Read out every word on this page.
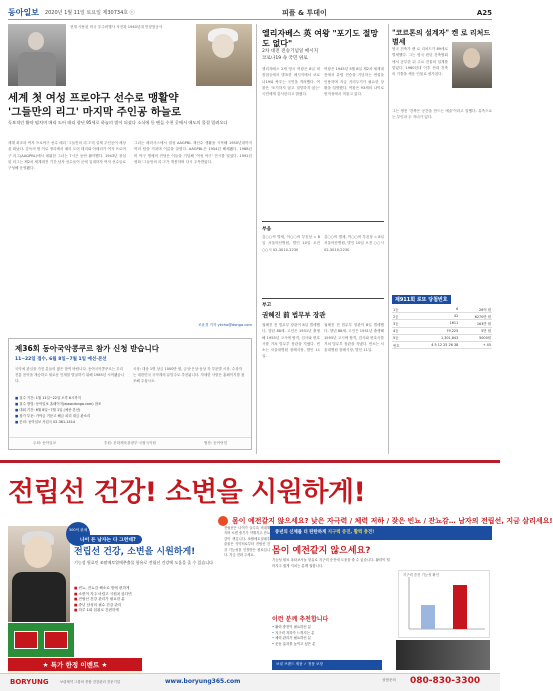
동아일보 2020년 1월 11일 토요일 제30734호 ⓒ	피플 & 투데이	A25
현재 사용된 미국 우주비행사 사진과 1940년대 민항항공사
세계 첫 여성 프로야구 선수로 맹활약
'그들만의 리그' 마지막 주인공 하늘로
독보적인 활약 펼치며 메리 도어 테리 향년 95세로 하늘의 별이 되셨다 소식에 등 팬들 수천 곳에서 애도의 물결 밀려오다
세계 최초의 여자 프로야구 선수 메리 '그들만의 리그'의 실제 주인공이 세상을 떠났다. 감독의 밤 이로 정리에서 메리 도어 테리와 아메리카 여자 프로야구 리그(AAGPBL)에서 데뷔한 그녀는 7시즌 동안 활약했다. 1943년 창설된 리그는 제2차 세계대전 기간 남자 선수들이 군에 입대하자 여자 선수들로 구성해 운영됐다.
그녀는 메리사스에서 결성 AAGPBL 재선수 생활을 시작해 1950년대까지 여러 팀을 거치며 이름을 알렸다. AAGPBL은 1954년 해체됐다. 1988년 미 야구 명예의 전당은 이들을 기념해 '여성 야구' 전시를 열었다. 1992년 영화 '그들만의 리그'가 개봉하며 다시 주목받았다.
조윤경 기자 ykcho@donga.com
제36회 동아국악콩쿠르 참가 신청 받습니다
11~22일 접수, 6월 8일~7월 1일 예선·본선
국악에 관심을 가진 분들의 많은 참여 바랍니다. 동아국악콩쿠르는 우리 전통 음악을 계승하고 새로운 인재를 발굴하기 위해 1985년 시작됐습니다.
■ 접수 기간: 1월 11일~22일 오후 6시까지
■ 접수 방법: 동아일보 홈페이지(www.donga.com) 참조
■ 대회 기간: 6월 8일~7월 1일 (예선·본선)
■ 참가 부문: 가야금 거문고 해금 피리 대금 판소리
■ 문의: 동아일보 사업국 02-361-1414
시상: 대상 1명 상금 1000만 원, 금상·은상·동상 각 부문별 시상. 수상자는 대한민국 국악계의 유망주로 추천됩니다. 자세한 사항은 홈페이지를 참조해 주십시오.
주최: 동아일보	후원: 문화체육관광부·국립국악원	협찬: 동아닷컴
엘리자베스 英 여왕 "포기도 절망도 없다"
2차 대전 전승기념일 메시지
코로나19 속 국민 위로
엘리자베스 2세 영국 여왕은 8일 버킹엄궁에서 발표한 메시지에서 코로나19와 싸우는 국민을 격려했다. 여왕은 '포기하지 않고 절망하지 않는' 국민에게 감사한다고 밝혔다.
여왕은 1945년 5월 8일 제2차 세계대전에서 유럽 전승을 기념하는 연설을 인용하며 지금 거리두기가 필요한 상황을 설명했다. 여왕은 93세의 나이로 윈저성에서 머물고 있다.
부음
김○○씨 별세, 이○○씨 부친상 = 8일 서울아산병원, 발인 10일 오전 ○○시 02-3010-2230
김○○씨 별세, 이○○씨 부친상 = 8일 서울아산병원, 발인 10일 오전 ○○시 02-3010-2230
부고
권혜진 前 법무부 장관
권혜진 전 법무부 장관이 8일 별세했다. 향년 88세. 고인은 1931년 출생해 1955년 고시에 합격, 검사와 변호사를 거쳐 법무부 장관을 지냈다. 빈소는 서울대병원 장례식장, 발인 11일.
권혜진 전 법무부 장관이 8일 별세했다. 향년 88세. 고인은 1931년 출생해 1955년 고시에 합격, 검사와 변호사를 거쳐 법무부 장관을 지냈다. 빈소는 서울대병원 장례식장, 발인 11일.
"코르톤의 설계자" 켄 로 리처드 별세
영국 건축가 켄 로 리처드가 89세로 별세했다. 그는 영국 런던 건축협회에서 공부한 뒤 주요 건물의 설계를 맡았다. 1960년대 이후 현대 건축의 기틀을 세운 인물로 평가된다.
그는 생전 '건축은 공간을 만드는 예술'이라고 말했다. 유족으로는 부인과 두 자녀가 있다.
제911회 로또 당첨번호
1등	6	26억 원
2등	42	6270만 원
3등	1611	163만 원
4등	79,225	5만 원
5등	1,301,843	5000원
번호	4 5 12 25 26 38	+ 45
전립선 건강! 소변을 시원하게!
몸이 예전같지 않으세요? 낮은 자극력 / 체력 저하 / 잦은 빈뇨 / 잔뇨감… 남자의 전립선, 지금 살리세요!
300억 판매
나이 든 남자는 다 그런데?
전립선 건강, 소변을 시원하게!
기능성 원료인 쏘팔메토열매추출물 함유로 전립선 건강에 도움을 줄 수 있습니다
■ 빈뇨, 잔뇨감 해소로 밤에 편하게
■ 소변이 자주 마렵고 시원치 않다면
■ 전립선 건강 관리가 필요한 분
■ 중년 남성의 필수 건강 관리
■ 하루 1회 섭취로 간편하게
전립선은 나이가 들수록 비대해지며 소변 줄기가 약해지고 잔뇨감이 생깁니다. 쏘팔메토열매추출물은 식약처로부터 전립선 건강 기능성을 인정받은 원료입니다. 지금 전화 주세요.
중년의 신체를 더 탄탄하게 지구력 증진, 활력 충전!
몸이 예전같지 않으세요?
기능성 원료 옥타코사놀 함유로 지구력 증진에 도움을 줄 수 있습니다. 활력이 떨어지고 쉽게 지치는 분께 권합니다.
이런 분께 추천합니다
• 활력 충전이 필요하신 분
• 지구력 저하가 느껴지는 분
• 체력 관리가 필요하신 분
• 운동 효과를 높이고 싶은 분
지구력 증진 기능성 확인
보령 브랜드 제품 ✓ 정품 보장
★ 특가 한정 이벤트 ★
BORYUNG	보령제약 그룹의 종합 건강관리 전문기업	www.boryung365.com	상담문의 080-830-3300
